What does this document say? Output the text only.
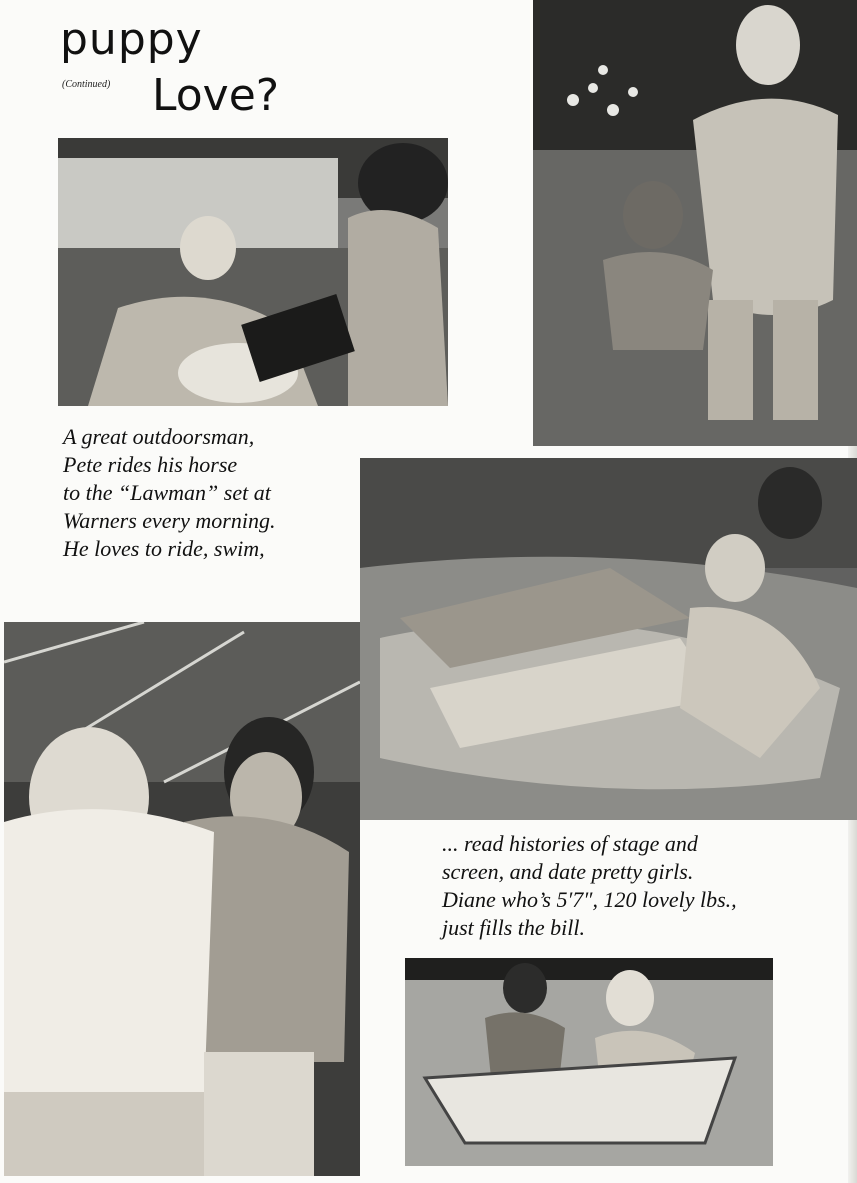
puppy
(Continued) Love?
A great outdoorsman,
Pete rides his horse
to the “Lawman” set at
Warners every morning.
He loves to ride, swim,
... read histories of stage and
screen, and date pretty girls.
Diane who’s 5′7″, 120 lovely lbs.,
just fills the bill.
